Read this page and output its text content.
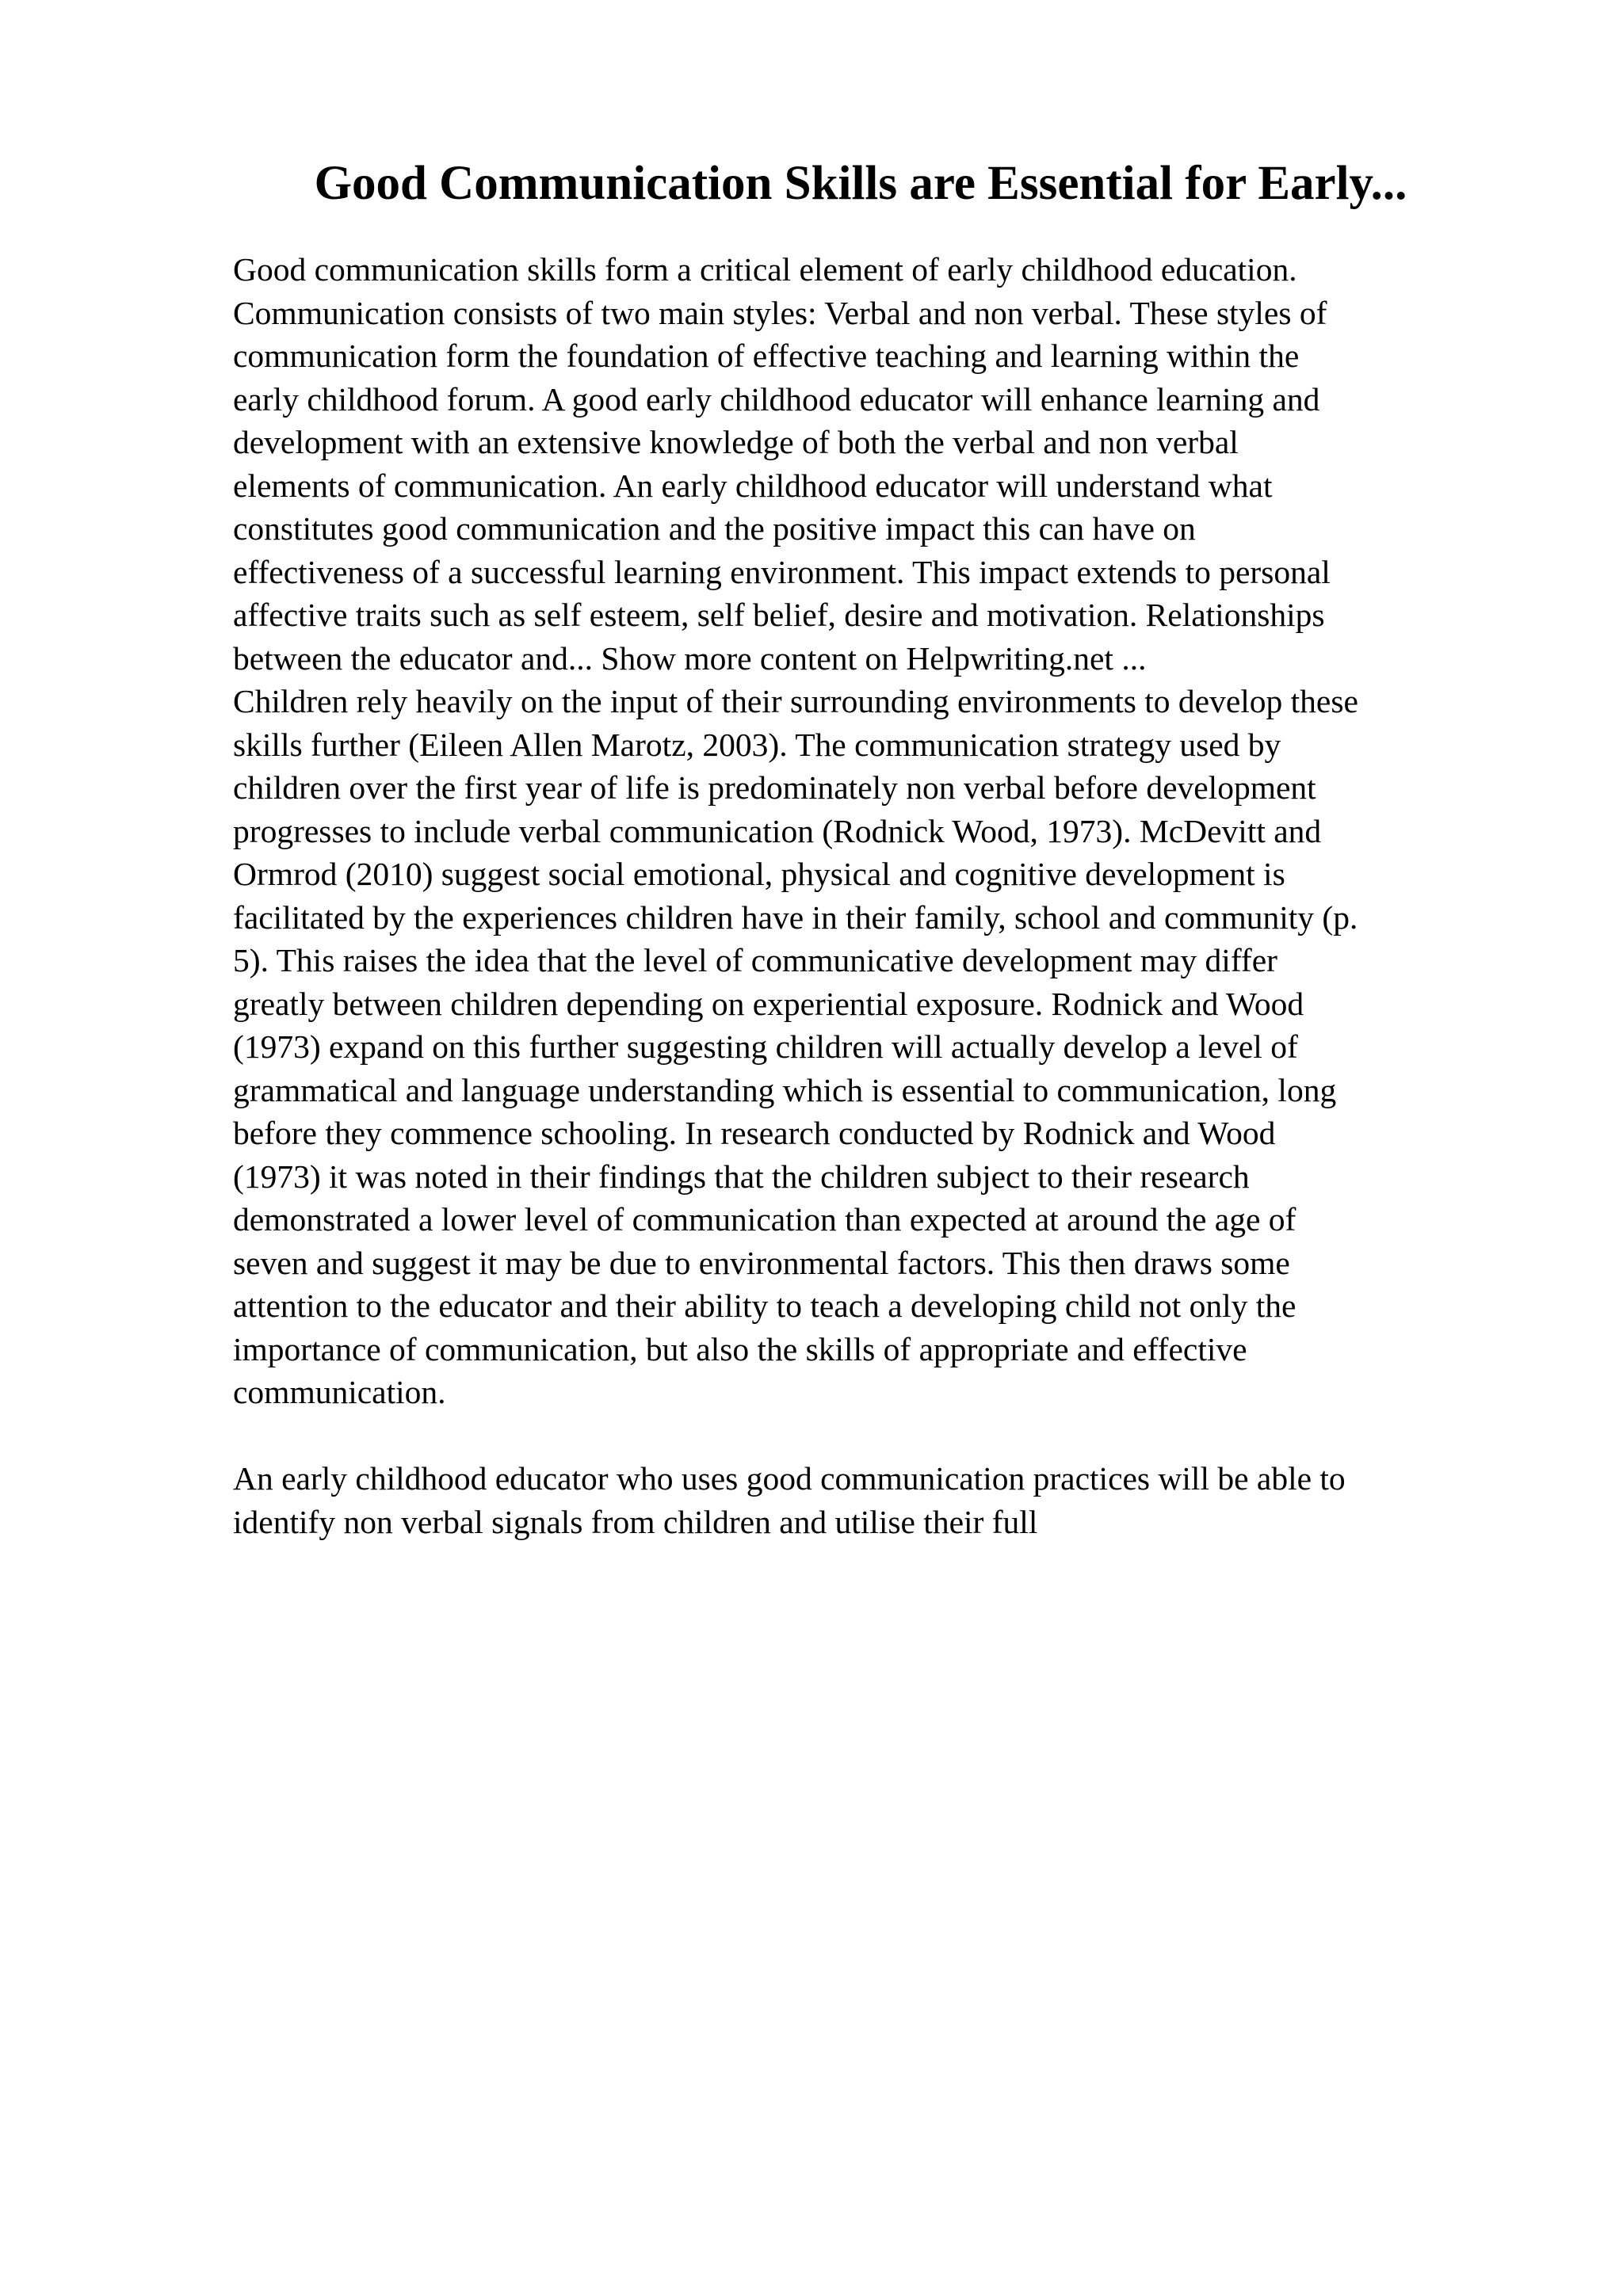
Good Communication Skills are Essential for Early...
Good communication skills form a critical element of early childhood education.
Communication consists of two main styles: Verbal and non verbal. These styles of
communication form the foundation of effective teaching and learning within the
early childhood forum. A good early childhood educator will enhance learning and
development with an extensive knowledge of both the verbal and non verbal
elements of communication. An early childhood educator will understand what
constitutes good communication and the positive impact this can have on
effectiveness of a successful learning environment. This impact extends to personal
affective traits such as self esteem, self belief, desire and motivation. Relationships
between the educator and... Show more content on Helpwriting.net ...
Children rely heavily on the input of their surrounding environments to develop these
skills further (Eileen Allen Marotz, 2003). The communication strategy used by
children over the first year of life is predominately non verbal before development
progresses to include verbal communication (Rodnick Wood, 1973). McDevitt and
Ormrod (2010) suggest social emotional, physical and cognitive development is
facilitated by the experiences children have in their family, school and community (p.
5). This raises the idea that the level of communicative development may differ
greatly between children depending on experiential exposure. Rodnick and Wood
(1973) expand on this further suggesting children will actually develop a level of
grammatical and language understanding which is essential to communication, long
before they commence schooling. In research conducted by Rodnick and Wood
(1973) it was noted in their findings that the children subject to their research
demonstrated a lower level of communication than expected at around the age of
seven and suggest it may be due to environmental factors. This then draws some
attention to the educator and their ability to teach a developing child not only the
importance of communication, but also the skills of appropriate and effective
communication.
An early childhood educator who uses good communication practices will be able to
identify non verbal signals from children and utilise their full
